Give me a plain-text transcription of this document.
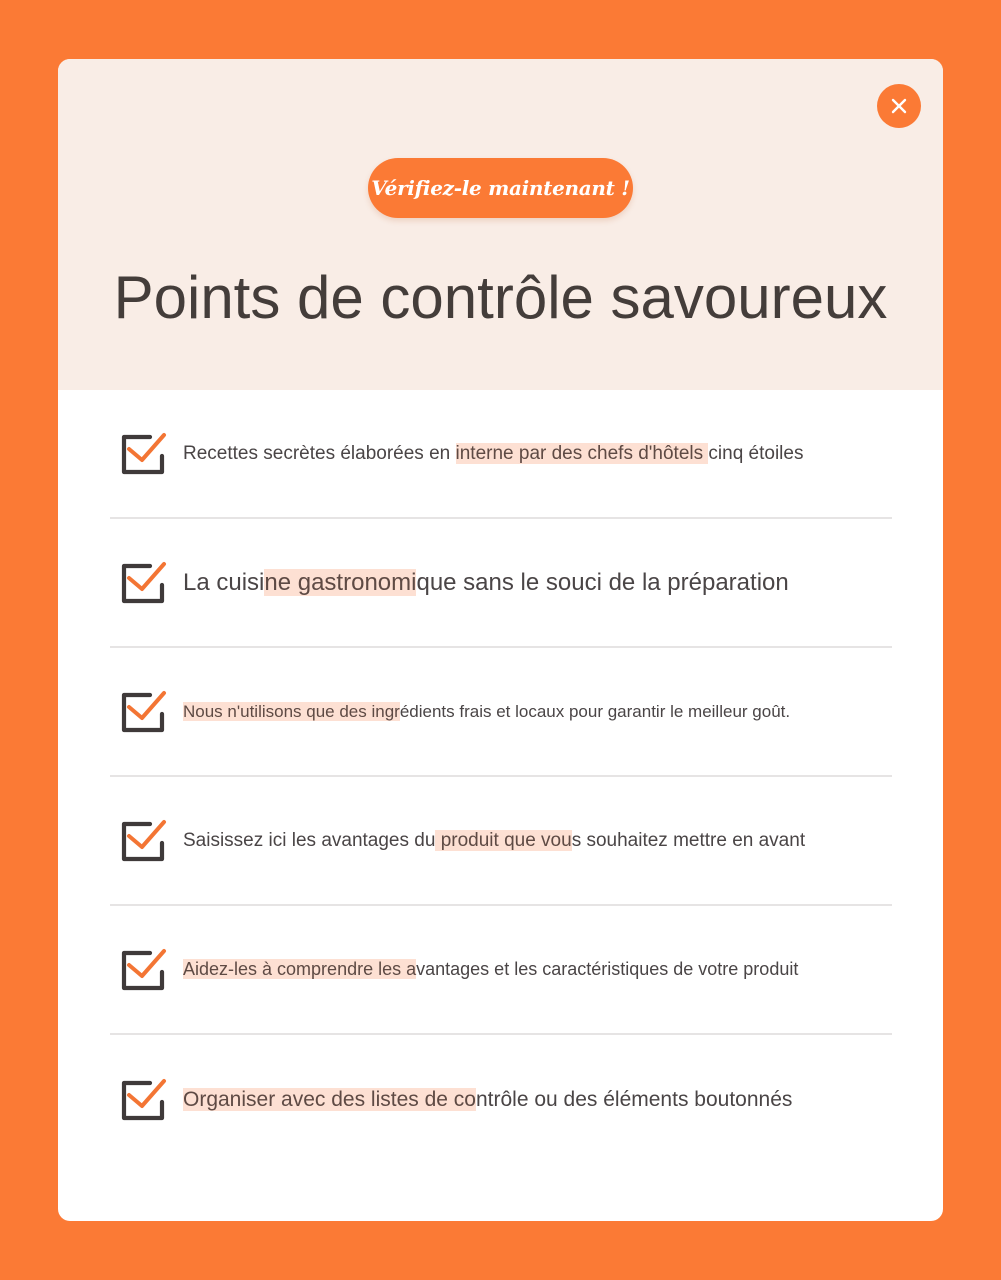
Vérifiez-le maintenant !
Points de contrôle savoureux
Recettes secrètes élaborées en interne par des chefs d'hôtels cinq étoiles
La cuisine gastronomique sans le souci de la préparation
Nous n'utilisons que des ingrédients frais et locaux pour garantir le meilleur goût.
Saisissez ici les avantages du produit que vous souhaitez mettre en avant
Aidez-les à comprendre les avantages et les caractéristiques de votre produit
Organiser avec des listes de contrôle ou des éléments boutonnés
